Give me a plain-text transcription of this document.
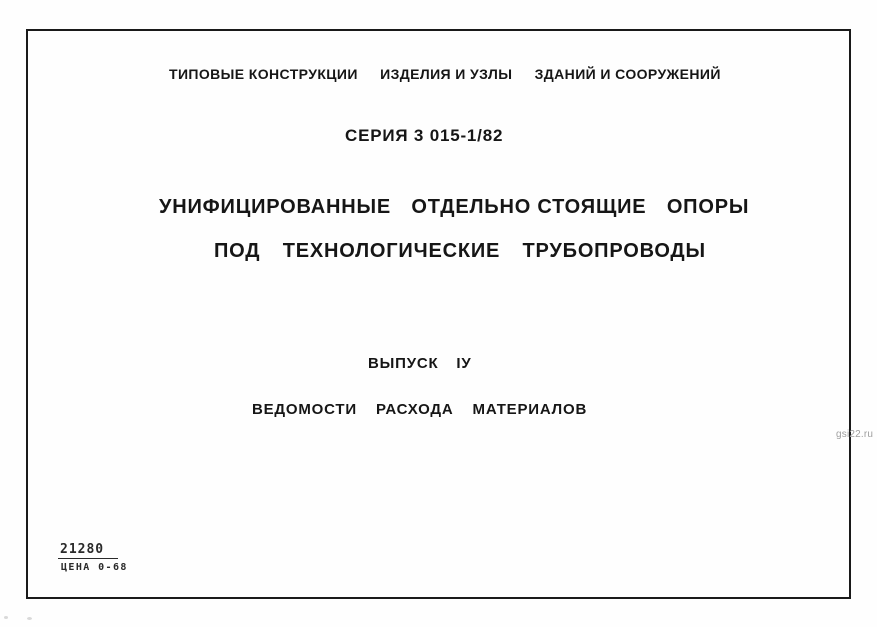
ТИПОВЫЕ КОНСТРУКЦИИ ИЗДЕЛИЯ И УЗЛЫ ЗДАНИЙ И СООРУЖЕНИЙ
СЕРИЯ 3 015-1/82
УНИФИЦИРОВАННЫЕ ОТДЕЛЬНО СТОЯЩИЕ ОПОРЫ
ПОД ТЕХНОЛОГИЧЕСКИЕ ТРУБОПРОВОДЫ
ВЫПУСК IУ
ВЕДОМОСТИ РАСХОДА МАТЕРИАЛОВ
21280
ЦЕНА 0-68
gsi22.ru
